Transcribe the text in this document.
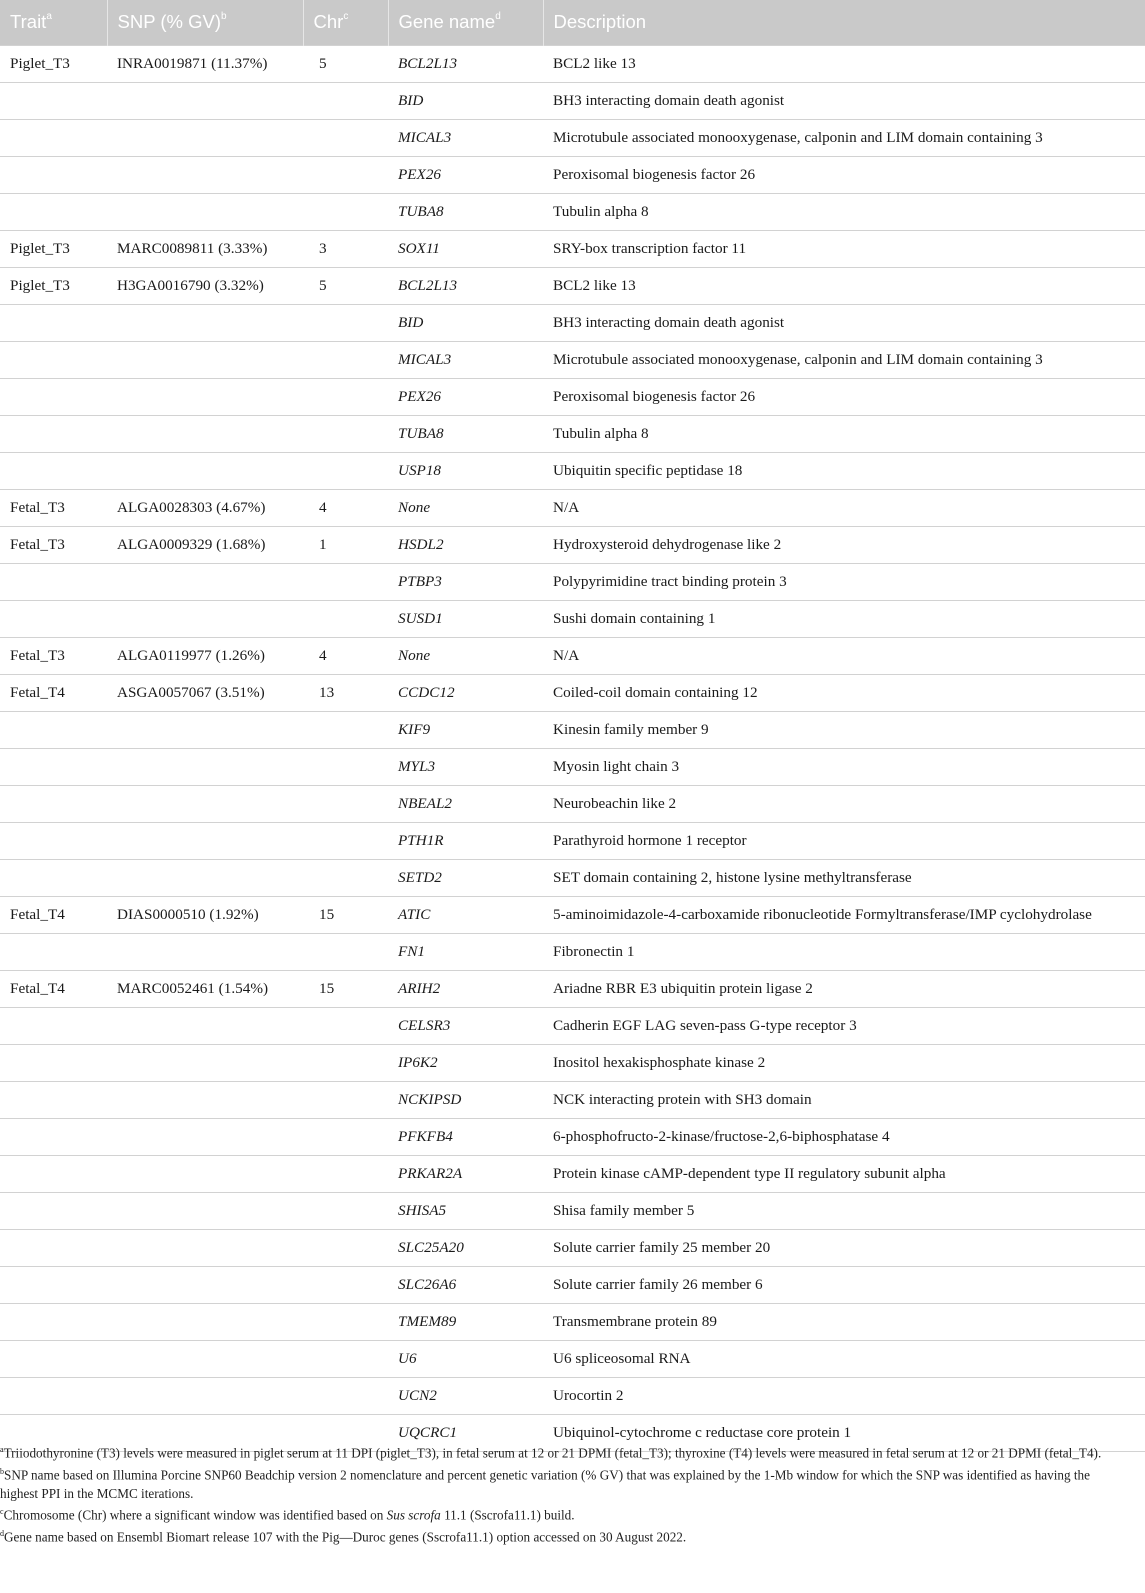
Trait$^a$	SNP (% GV)$^b$	Chr$^c$	Gene name$^d$	Description
Piglet_T3	INRA0019871 (11.37%)	5	BCL2L13	BCL2 like 13
			BID	BH3 interacting domain death agonist
			MICAL3	Microtubule associated monooxygenase, calponin and LIM domain containing 3
			PEX26	Peroxisomal biogenesis factor 26
			TUBA8	Tubulin alpha 8
Piglet_T3	MARC0089811 (3.33%)	3	SOX11	SRY-box transcription factor 11
Piglet_T3	H3GA0016790 (3.32%)	5	BCL2L13	BCL2 like 13
			BID	BH3 interacting domain death agonist
			MICAL3	Microtubule associated monooxygenase, calponin and LIM domain containing 3
			PEX26	Peroxisomal biogenesis factor 26
			TUBA8	Tubulin alpha 8
			USP18	Ubiquitin specific peptidase 18
Fetal_T3	ALGA0028303 (4.67%)	4	None	N/A
Fetal_T3	ALGA0009329 (1.68%)	1	HSDL2	Hydroxysteroid dehydrogenase like 2
			PTBP3	Polypyrimidine tract binding protein 3
			SUSD1	Sushi domain containing 1
Fetal_T3	ALGA0119977 (1.26%)	4	None	N/A
Fetal_T4	ASGA0057067 (3.51%)	13	CCDC12	Coiled-coil domain containing 12
			KIF9	Kinesin family member 9
			MYL3	Myosin light chain 3
			NBEAL2	Neurobeachin like 2
			PTH1R	Parathyroid hormone 1 receptor
			SETD2	SET domain containing 2, histone lysine methyltransferase
Fetal_T4	DIAS0000510 (1.92%)	15	ATIC	5-aminoimidazole-4-carboxamide ribonucleotide Formyltransferase/IMP cyclohydrolase
			FN1	Fibronectin 1
Fetal_T4	MARC0052461 (1.54%)	15	ARIH2	Ariadne RBR E3 ubiquitin protein ligase 2
			CELSR3	Cadherin EGF LAG seven-pass G-type receptor 3
			IP6K2	Inositol hexakisphosphate kinase 2
			NCKIPSD	NCK interacting protein with SH3 domain
			PFKFB4	6-phosphofructo-2-kinase/fructose-2,6-biphosphatase 4
			PRKAR2A	Protein kinase cAMP-dependent type II regulatory subunit alpha
			SHISA5	Shisa family member 5
			SLC25A20	Solute carrier family 25 member 20
			SLC26A6	Solute carrier family 26 member 6
			TMEM89	Transmembrane protein 89
			U6	U6 spliceosomal RNA
			UCN2	Urocortin 2
			UQCRC1	Ubiquinol-cytochrome c reductase core protein 1

$^a$Triiodothyronine (T3) levels were measured in piglet serum at 11 DPI (piglet_T3), in fetal serum at 12 or 21 DPMI (fetal_T3); thyroxine (T4) levels were measured in fetal serum at 12 or 21 DPMI (fetal_T4).

$^b$SNP name based on Illumina Porcine SNP60 Beadchip version 2 nomenclature and percent genetic variation (% GV) that was explained by the 1-Mb window for which the SNP was identified as having the highest PPI in the MCMC iterations.

$^c$Chromosome (Chr) where a significant window was identified based on Sus scrofa 11.1 (Sscrofa11.1) build.

$^d$Gene name based on Ensembl Biomart release 107 with the Pig—Duroc genes (Sscrofa11.1) option accessed on 30 August 2022.
